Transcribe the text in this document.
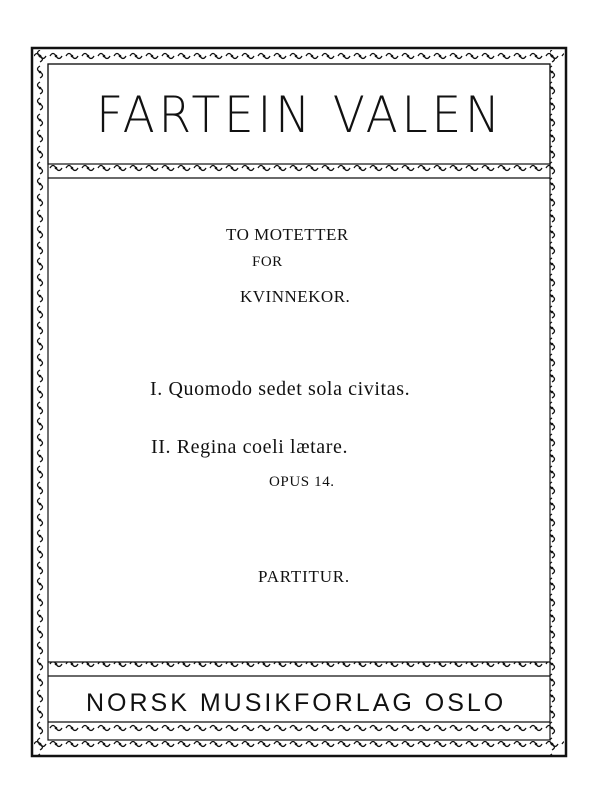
FARTEIN VALEN
TO MOTETTER
FOR
KVINNEKOR.
I. Quomodo sedet sola civitas.
II. Regina coeli lætare.
OPUS 14.
PARTITUR.
NORSK MUSIKFORLAG OSLO
